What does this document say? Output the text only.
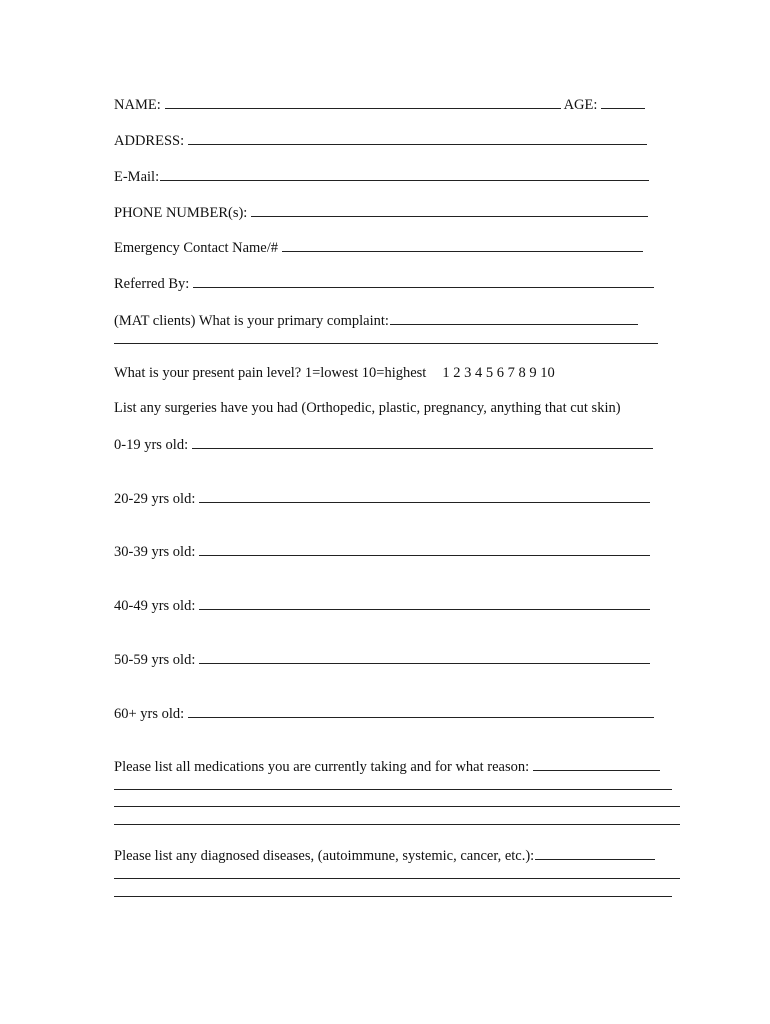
NAME:	AGE:
ADDRESS:
E-Mail:
PHONE NUMBER(s):
Emergency Contact Name/#
Referred By:
(MAT clients) What is your primary complaint:
What is your present pain level? 1=lowest 10=highest 1 2 3 4 5 6 7 8 9 10
List any surgeries have you had (Orthopedic, plastic, pregnancy, anything that cut skin)
0-19 yrs old:
20-29 yrs old:
30-39 yrs old:
40-49 yrs old:
50-59 yrs old:
60+ yrs old:
Please list all medications you are currently taking and for what reason:
Please list any diagnosed diseases, (autoimmune, systemic, cancer, etc.):
